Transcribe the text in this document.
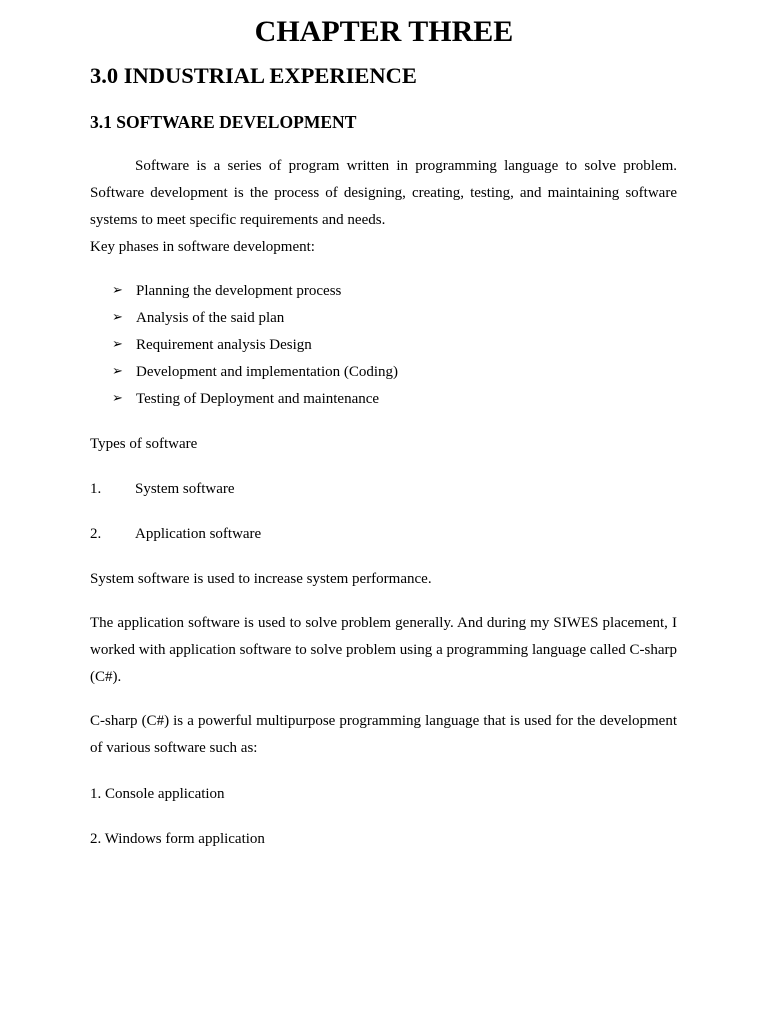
CHAPTER THREE
3.0 INDUSTRIAL EXPERIENCE
3.1 SOFTWARE DEVELOPMENT

Software is a series of program written in programming language to solve problem. Software development is the process of designing, creating, testing, and maintaining software systems to meet specific requirements and needs.

Key phases in software development:

➢ Planning the development process
➢ Analysis of the said plan
➢ Requirement analysis Design
➢ Development and implementation (Coding)
➢ Testing of Deployment and maintenance

Types of software

1.	System software
2.	Application software

System software is used to increase system performance.

The application software is used to solve problem generally. And during my SIWES placement, I worked with application software to solve problem using a programming language called C-sharp (C#).

C-sharp (C#) is a powerful multipurpose programming language that is used for the development of various software such as:

1. Console application

2. Windows form application
